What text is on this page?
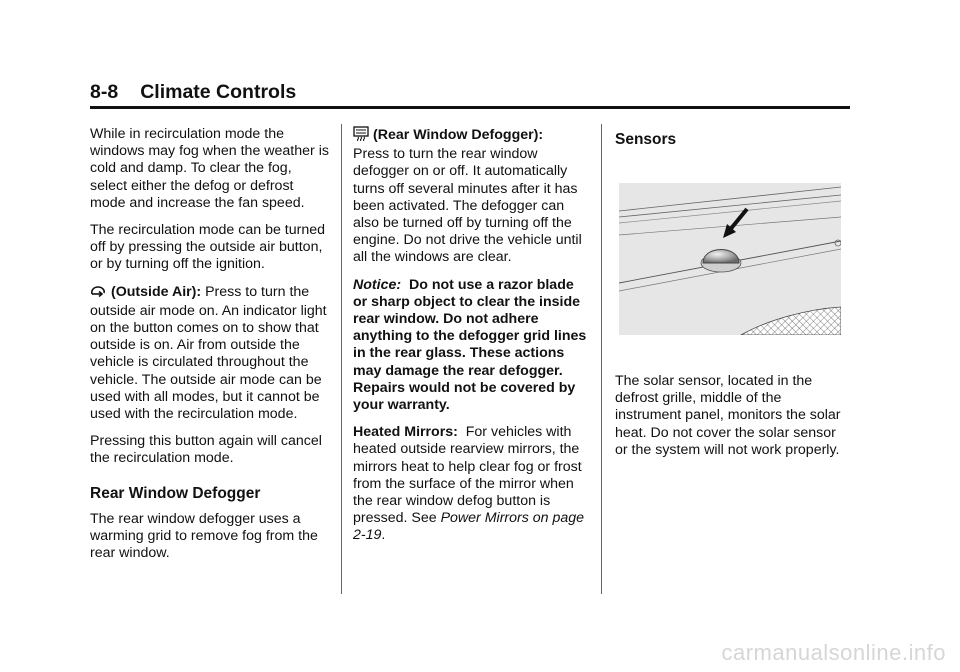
8-8 Climate Controls

While in recirculation mode the windows may fog when the weather is cold and damp. To clear the fog, select either the defog or defrost mode and increase the fan speed.

The recirculation mode can be turned off by pressing the outside air button, or by turning off the ignition.

(Outside Air): Press to turn the outside air mode on. An indicator light on the button comes on to show that outside is on. Air from outside the vehicle is circulated throughout the vehicle. The outside air mode can be used with all modes, but it cannot be used with the recirculation mode.

Pressing this button again will cancel the recirculation mode.

Rear Window Defogger

The rear window defogger uses a warming grid to remove fog from the rear window.

(Rear Window Defogger):
Press to turn the rear window defogger on or off. It automatically turns off several minutes after it has been activated. The defogger can also be turned off by turning off the engine. Do not drive the vehicle until all the windows are clear.

Notice: Do not use a razor blade or sharp object to clear the inside rear window. Do not adhere anything to the defogger grid lines in the rear glass. These actions may damage the rear defogger. Repairs would not be covered by your warranty.

Heated Mirrors: For vehicles with heated outside rearview mirrors, the mirrors heat to help clear fog or frost from the surface of the mirror when the rear window defog button is pressed. See Power Mirrors on page 2-19.

Sensors

The solar sensor, located in the defrost grille, middle of the instrument panel, monitors the solar heat. Do not cover the solar sensor or the system will not work properly.

carmanualsonline.info
